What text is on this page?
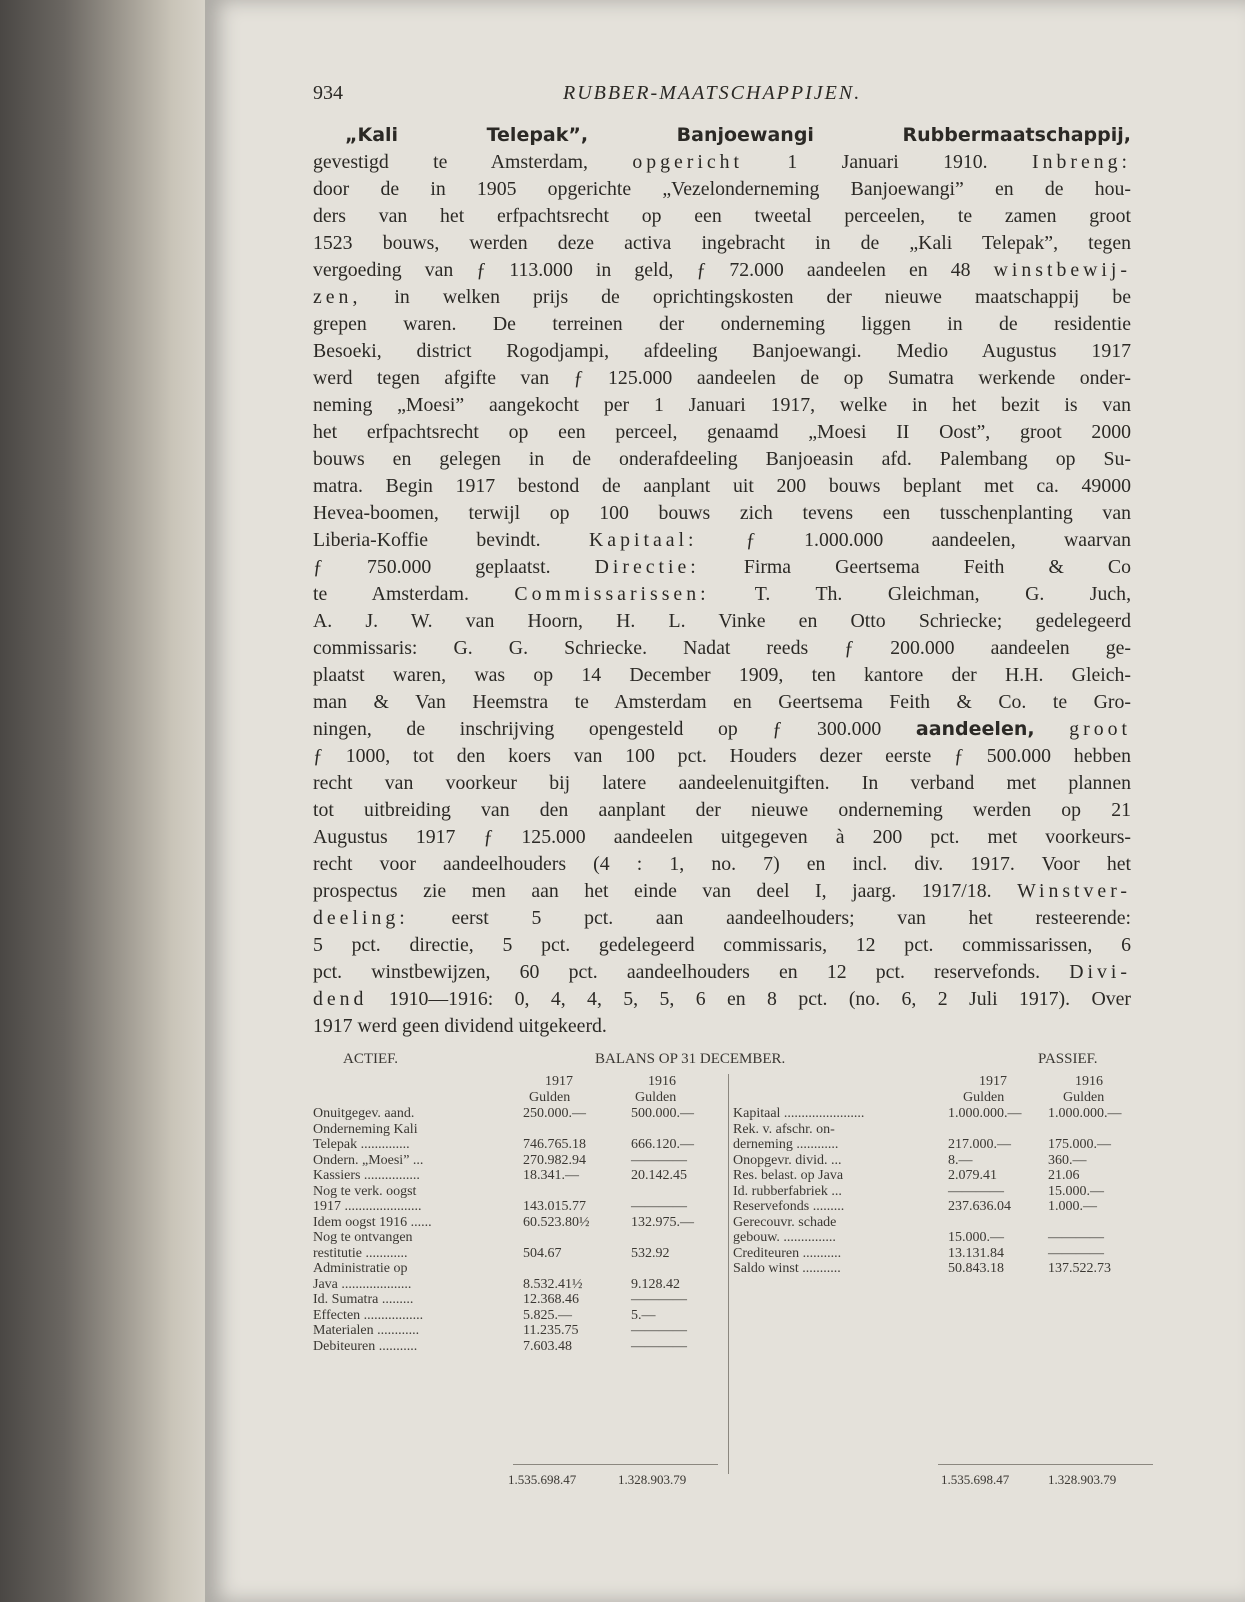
934	RUBBER-MAATSCHAPPIJEN.
„Kali Telepak”, Banjoewangi Rubbermaatschappij,
gevestigd te Amsterdam, opgericht 1 Januari 1910. Inbreng:
door de in 1905 opgerichte „Vezelonderneming Banjoewangi” en de hou-
ders van het erfpachtsrecht op een tweetal perceelen, te zamen groot
1523 bouws, werden deze activa ingebracht in de „Kali Telepak”, tegen
vergoeding van ƒ 113.000 in geld, ƒ 72.000 aandeelen en 48 winstbewij-
zen, in welken prijs de oprichtingskosten der nieuwe maatschappij be
grepen waren. De terreinen der onderneming liggen in de residentie
Besoeki, district Rogodjampi, afdeeling Banjoewangi. Medio Augustus 1917
werd tegen afgifte van ƒ 125.000 aandeelen de op Sumatra werkende onder-
neming „Moesi” aangekocht per 1 Januari 1917, welke in het bezit is van
het erfpachtsrecht op een perceel, genaamd „Moesi II Oost”, groot 2000
bouws en gelegen in de onderafdeeling Banjoeasin afd. Palembang op Su-
matra. Begin 1917 bestond de aanplant uit 200 bouws beplant met ca. 49000
Hevea-boomen, terwijl op 100 bouws zich tevens een tusschenplanting van
Liberia-Koffie bevindt. Kapitaal: ƒ 1.000.000 aandeelen, waarvan
ƒ 750.000 geplaatst. Directie: Firma Geertsema Feith & Co
te Amsterdam. Commissarissen: T. Th. Gleichman, G. Juch,
A. J. W. van Hoorn, H. L. Vinke en Otto Schriecke; gedelegeerd
commissaris: G. G. Schriecke. Nadat reeds ƒ 200.000 aandeelen ge-
plaatst waren, was op 14 December 1909, ten kantore der H.H. Gleich-
man & Van Heemstra te Amsterdam en Geertsema Feith & Co. te Gro-
ningen, de inschrijving opengesteld op ƒ 300.000 aandeelen, groot
ƒ 1000, tot den koers van 100 pct. Houders dezer eerste ƒ 500.000 hebben
recht van voorkeur bij latere aandeelenuitgiften. In verband met plannen
tot uitbreiding van den aanplant der nieuwe onderneming werden op 21
Augustus 1917 ƒ 125.000 aandeelen uitgegeven à 200 pct. met voorkeurs-
recht voor aandeelhouders (4 : 1, no. 7) en incl. div. 1917. Voor het
prospectus zie men aan het einde van deel I, jaarg. 1917/18. Winstver-
deeling: eerst 5 pct. aan aandeelhouders; van het resteerende:
5 pct. directie, 5 pct. gedelegeerd commissaris, 12 pct. commissarissen, 6
pct. winstbewijzen, 60 pct. aandeelhouders en 12 pct. reservefonds. Divi-
dend 1910—1916: 0, 4, 4, 5, 5, 6 en 8 pct. (no. 6, 2 Juli 1917). Over
1917 werd geen dividend uitgekeerd.
ACTIEF.	BALANS OP 31 DECEMBER.	PASSIEF.
1917	1916
Gulden	Gulden
Onuitgegev. aand.	250.000.—	500.000.—
Onderneming Kali
Telepak ..............	746.765.18	666.120.—
Ondern. „Moesi” ...	270.982.94	————
Kassiers ................	18.341.—	20.142.45
Nog te verk. oogst
1917 ......................	143.015.77	————
Idem oogst 1916 ......	60.523.80½	132.975.—
Nog te ontvangen
restitutie ............	504.67	532.92
Administratie op
Java ....................	8.532.41½	9.128.42
Id. Sumatra .........	12.368.46	————
Effecten .................	5.825.—	5.—
Materialen ............	11.235.75	————
Debiteuren ...........	7.603.48	————
1917	1916
Gulden	Gulden
Kapitaal .......................	1.000.000.— 1.000.000.—
Rek. v. afschr. on-
derneming ............	217.000.—	175.000.—
Onopgevr. divid. ...	8.—	360.—
Res. belast. op Java	2.079.41	21.06
Id. rubberfabriek ...	————	15.000.—
Reservefonds .........	237.636.04	1.000.—
Gerecouvr. schade
gebouw. ...............	15.000.—	————
Crediteuren ...........	13.131.84	————
Saldo winst ...........	50.843.18	137.522.73
1.535.698.47	1.328.903.79	1.535.698.47	1.328.903.79
